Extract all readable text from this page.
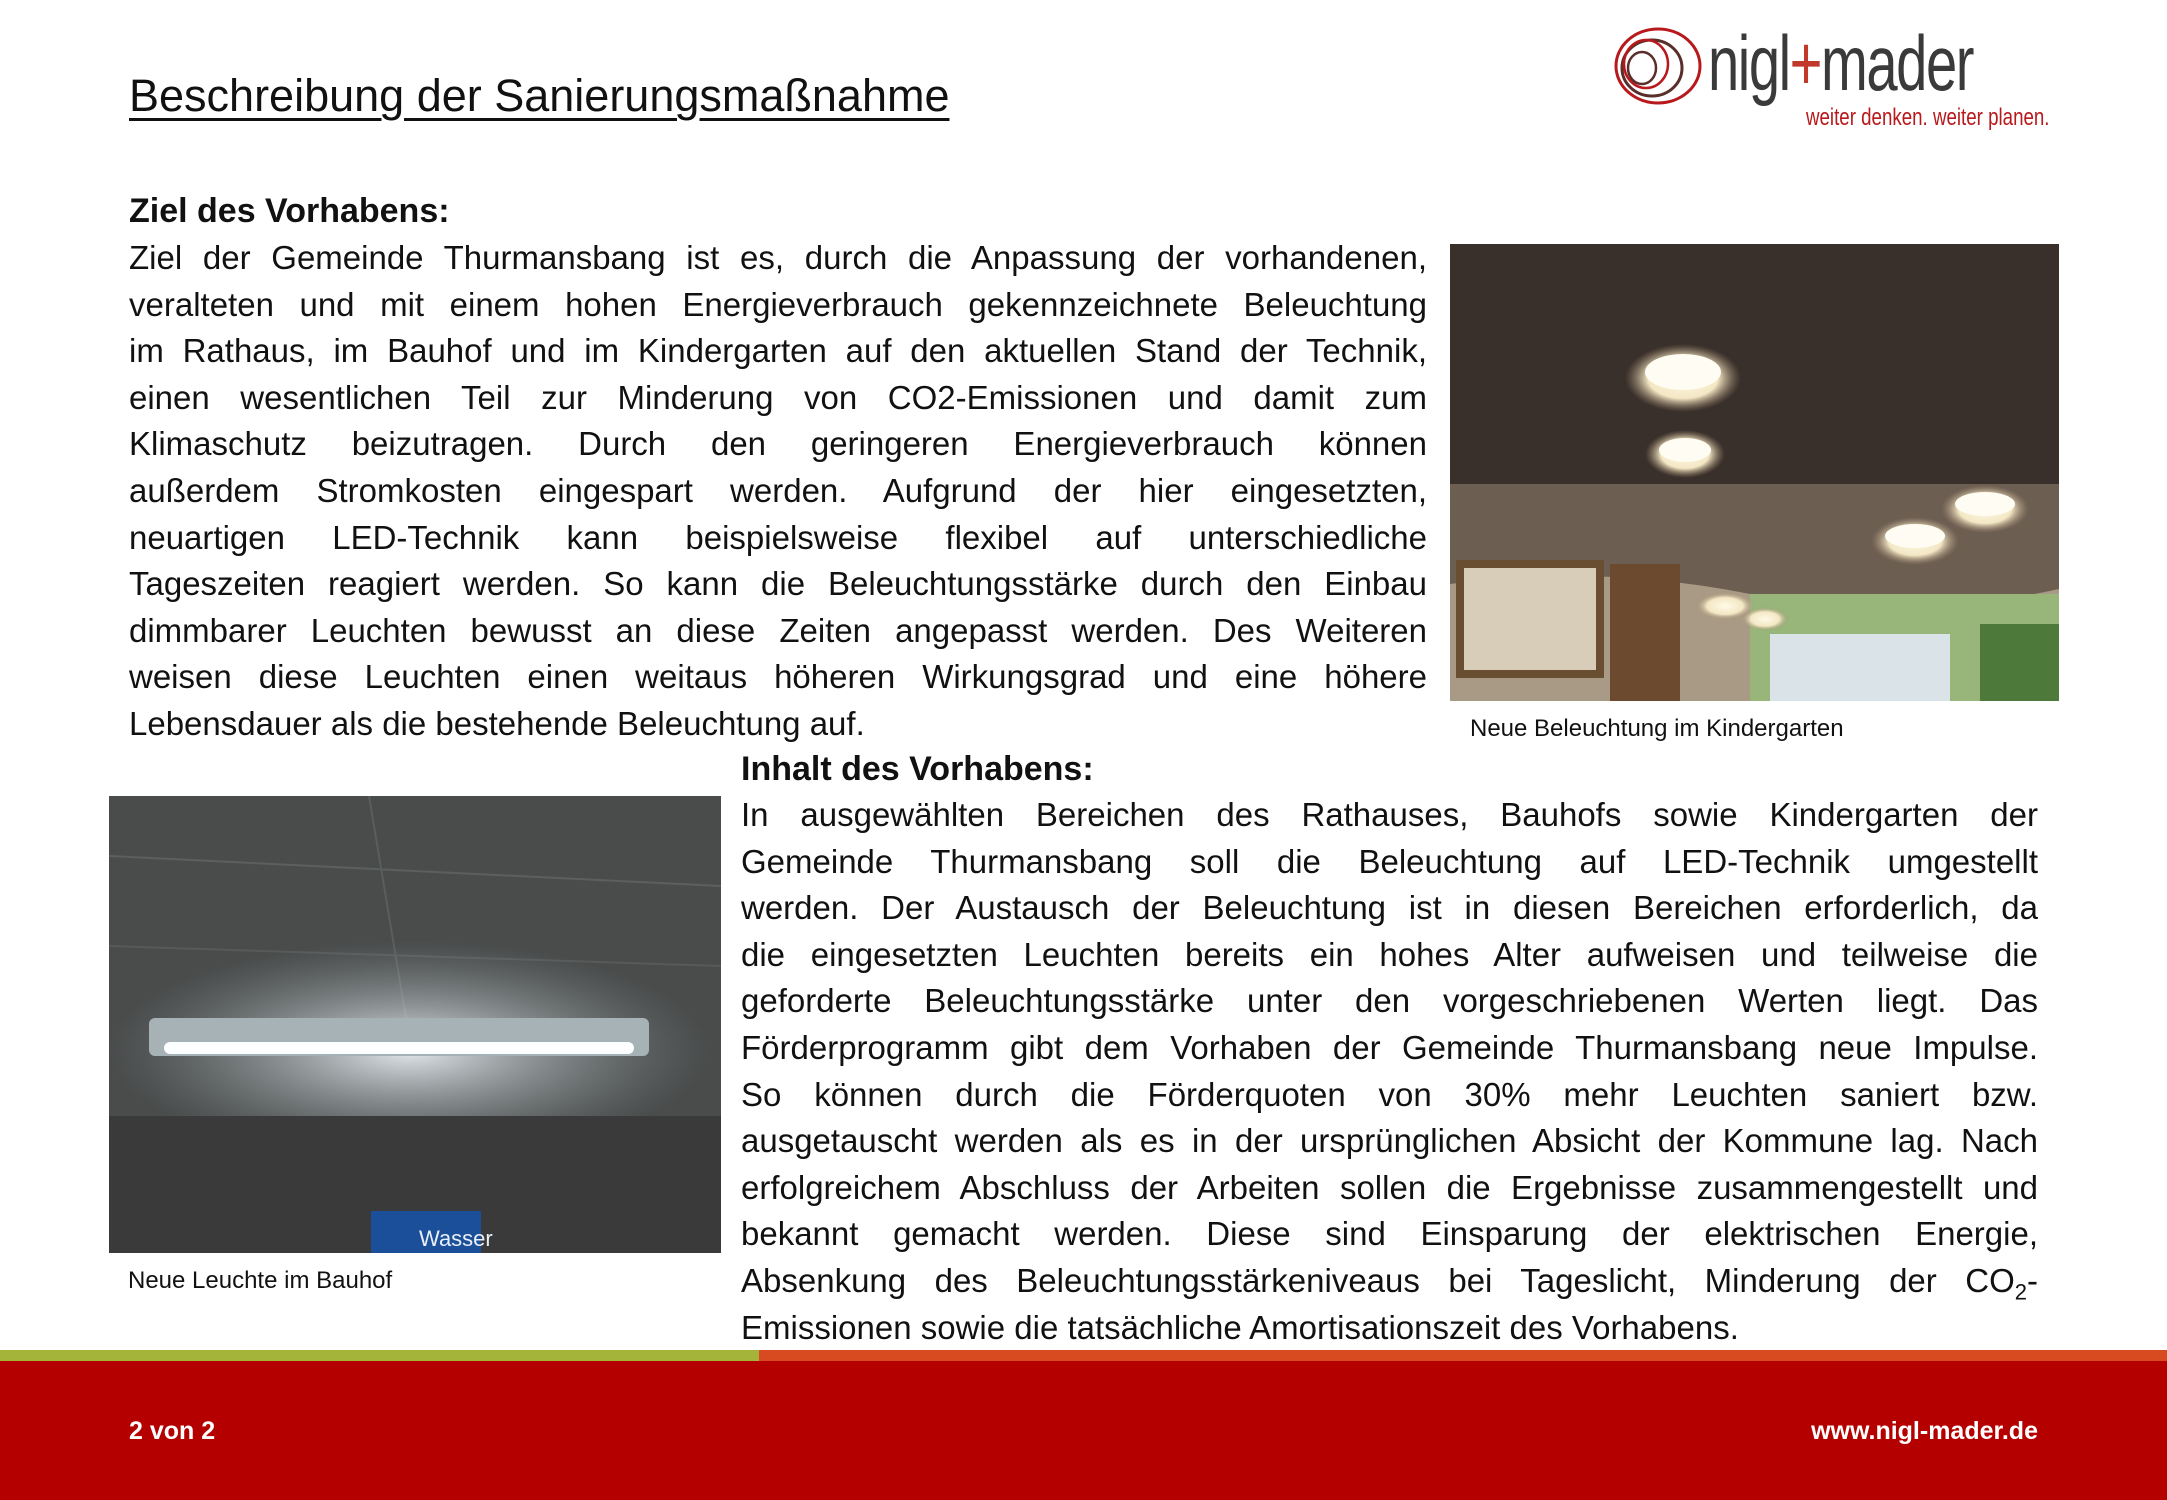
Beschreibung der Sanierungsmaßnahme	nigl+mader
weiter denken. weiter planen.
Ziel des Vorhabens:
Ziel der Gemeinde Thurmansbang ist es, durch die Anpassung der vorhandenen,
veralteten und mit einem hohen Energieverbrauch gekennzeichnete Beleuchtung
im Rathaus, im Bauhof und im Kindergarten auf den aktuellen Stand der Technik,
einen wesentlichen Teil zur Minderung von CO2-Emissionen und damit zum
Klimaschutz beizutragen. Durch den geringeren Energieverbrauch können
außerdem Stromkosten eingespart werden. Aufgrund der hier eingesetzten,
neuartigen LED-Technik kann beispielsweise flexibel auf unterschiedliche
Tageszeiten reagiert werden. So kann die Beleuchtungsstärke durch den Einbau
dimmbarer Leuchten bewusst an diese Zeiten angepasst werden. Des Weiteren
weisen diese Leuchten einen weitaus höheren Wirkungsgrad und eine höhere
Lebensdauer als die bestehende Beleuchtung auf.	Neue Beleuchtung im Kindergarten
Inhalt des Vorhabens:
In ausgewählten Bereichen des Rathauses, Bauhofs sowie Kindergarten der
Gemeinde Thurmansbang soll die Beleuchtung auf LED-Technik umgestellt
werden. Der Austausch der Beleuchtung ist in diesen Bereichen erforderlich, da
die eingesetzten Leuchten bereits ein hohes Alter aufweisen und teilweise die
geforderte Beleuchtungsstärke unter den vorgeschriebenen Werten liegt. Das
Förderprogramm gibt dem Vorhaben der Gemeinde Thurmansbang neue Impulse.
So können durch die Förderquoten von 30% mehr Leuchten saniert bzw.
ausgetauscht werden als es in der ursprünglichen Absicht der Kommune lag. Nach
erfolgreichem Abschluss der Arbeiten sollen die Ergebnisse zusammengestellt und
bekannt gemacht werden. Diese sind Einsparung der elektrischen Energie,
Absenkung des Beleuchtungsstärkeniveaus bei Tageslicht, Minderung der $CO_2-$
Emissionen sowie die tatsächliche Amortisationszeit des Vorhabens.
Wasser
Neue Leuchte im Bauhof
2 von 2	www.nigl-mader.de
